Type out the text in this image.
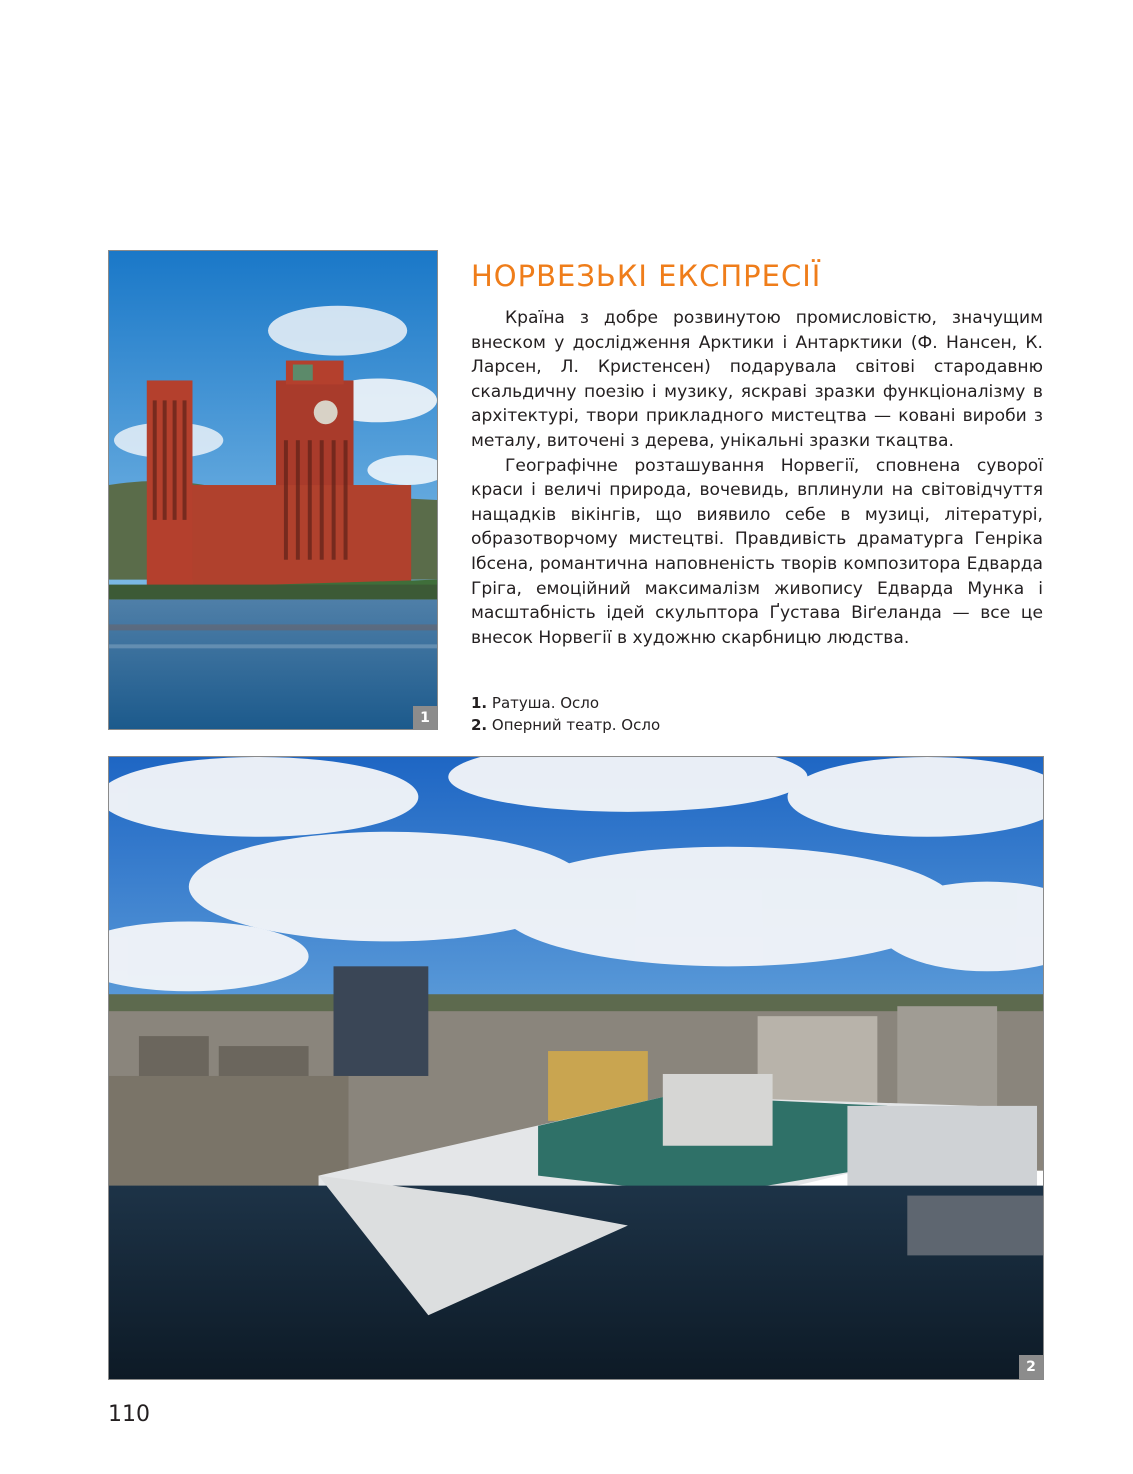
1
НОРВЕЗЬКІ ЕКСПРЕСІЇ

Країна з добре розвинутою промисловістю, значущим внеском у дослідження Арктики і Антарктики (Ф. Нансен, К. Ларсен, Л. Кристенсен) подарувала світові стародавню скальдичну поезію і музику, яскраві зразки функціоналізму в архітектурі, твори прикладного мистецтва — ковані вироби з металу, виточені з дерева, унікальні зразки ткацтва.

Географічне розташування Норвегії, сповнена суворої краси і величі природа, вочевидь, вплинули на світовідчуття нащадків вікінгів, що виявило себе в музиці, літературі, образотворчому мистецтві. Правдивість драматурга Генріка Ібсена, романтична наповненість творів композитора Едварда Гріга, емоційний максималізм живопису Едварда Мунка і масштабність ідей скульптора Ґустава Віґеланда — все це внесок Норвегії в художню скарбницю людства.

1. Ратуша. Осло
2. Оперний театр. Осло
2
110
